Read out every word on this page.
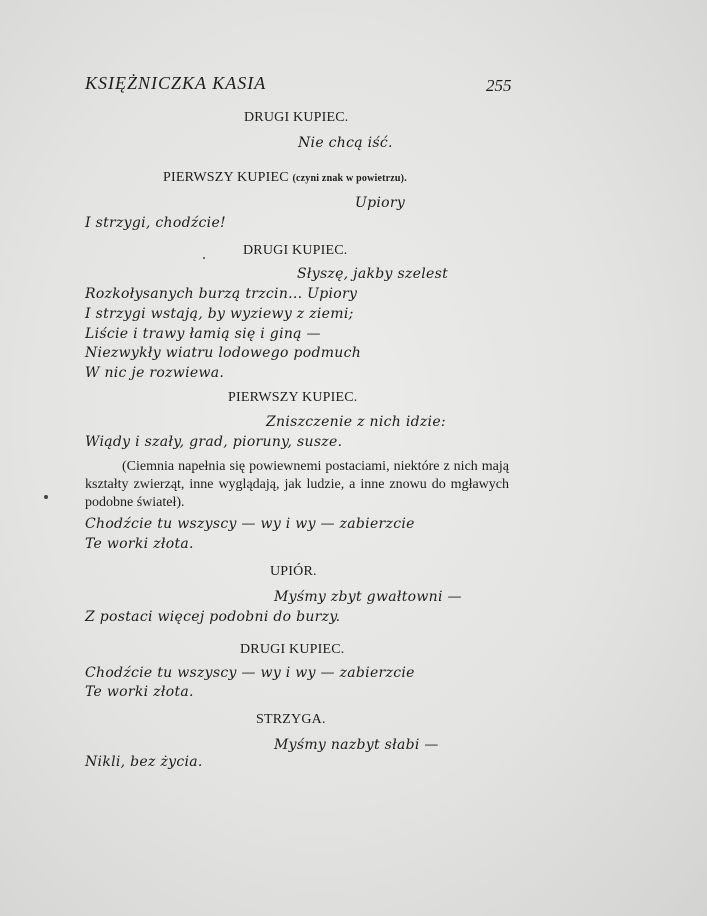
KSIĘŻNICZKA KASIA	255
DRUGI KUPIEC.
Nie chcą iść.
PIERWSZY KUPIEC (czyni znak w powietrzu).
Upiory
I strzygi, chodźcie!
DRUGI KUPIEC.
Słyszę, jakby szelest
Rozkołysanych burzą trzcin... Upiory
I strzygi wstają, by wyziewy z ziemi;
Liście i trawy łamią się i giną —
Niezwykły wiatru lodowego podmuch
W nic je rozwiewa.
PIERWSZY KUPIEC.
Zniszczenie z nich idzie:
Wiądy i szały, grad, pioruny, susze.
(Ciemnia napełnia się powiewnemi postaciami, niektóre z nich mają kształty zwierząt, inne wyglądają, jak ludzie, a inne znowu do mgławych podobne świateł).
Chodźcie tu wszyscy — wy i wy — zabierzcie
Te worki złota.
UPIÓR.
Myśmy zbyt gwałtowni —
Z postaci więcej podobni do burzy.
DRUGI KUPIEC.
Chodźcie tu wszyscy — wy i wy — zabierzcie
Te worki złota.
STRZYGA.
Myśmy nazbyt słabi —
Nikli, bez życia.
